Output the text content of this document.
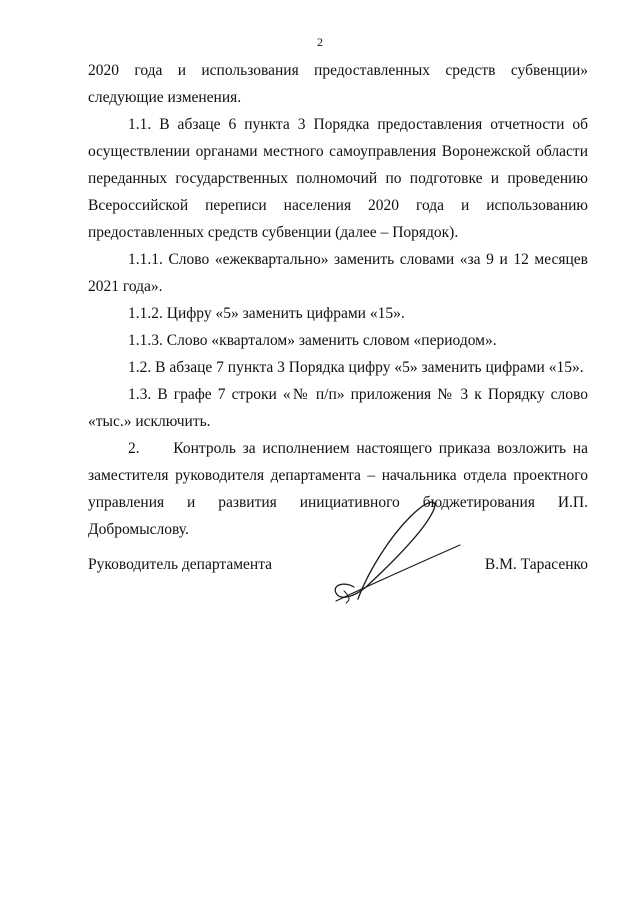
2

2020 года и использования предоставленных средств субвенции» следующие изменения.

1.1. В абзаце 6 пункта 3 Порядка предоставления отчетности об осуществлении органами местного самоуправления Воронежской области переданных государственных полномочий по подготовке и проведению Всероссийской переписи населения 2020 года и использованию предоставленных средств субвенции (далее – Порядок).

1.1.1. Слово «ежеквартально» заменить словами «за 9 и 12 месяцев 2021 года».

1.1.2. Цифру «5» заменить цифрами «15».

1.1.3. Слово «кварталом» заменить словом «периодом».

1.2. В абзаце 7 пункта 3 Порядка цифру «5» заменить цифрами «15».

1.3. В графе 7 строки «№ п/п» приложения № 3 к Порядку слово «тыс.» исключить.

2.     Контроль за исполнением настоящего приказа возложить на заместителя руководителя департамента – начальника отдела проектного управления и развития инициативного бюджетирования И.П. Добромыслову.

Руководитель департамента	В.М. Тарасенко
